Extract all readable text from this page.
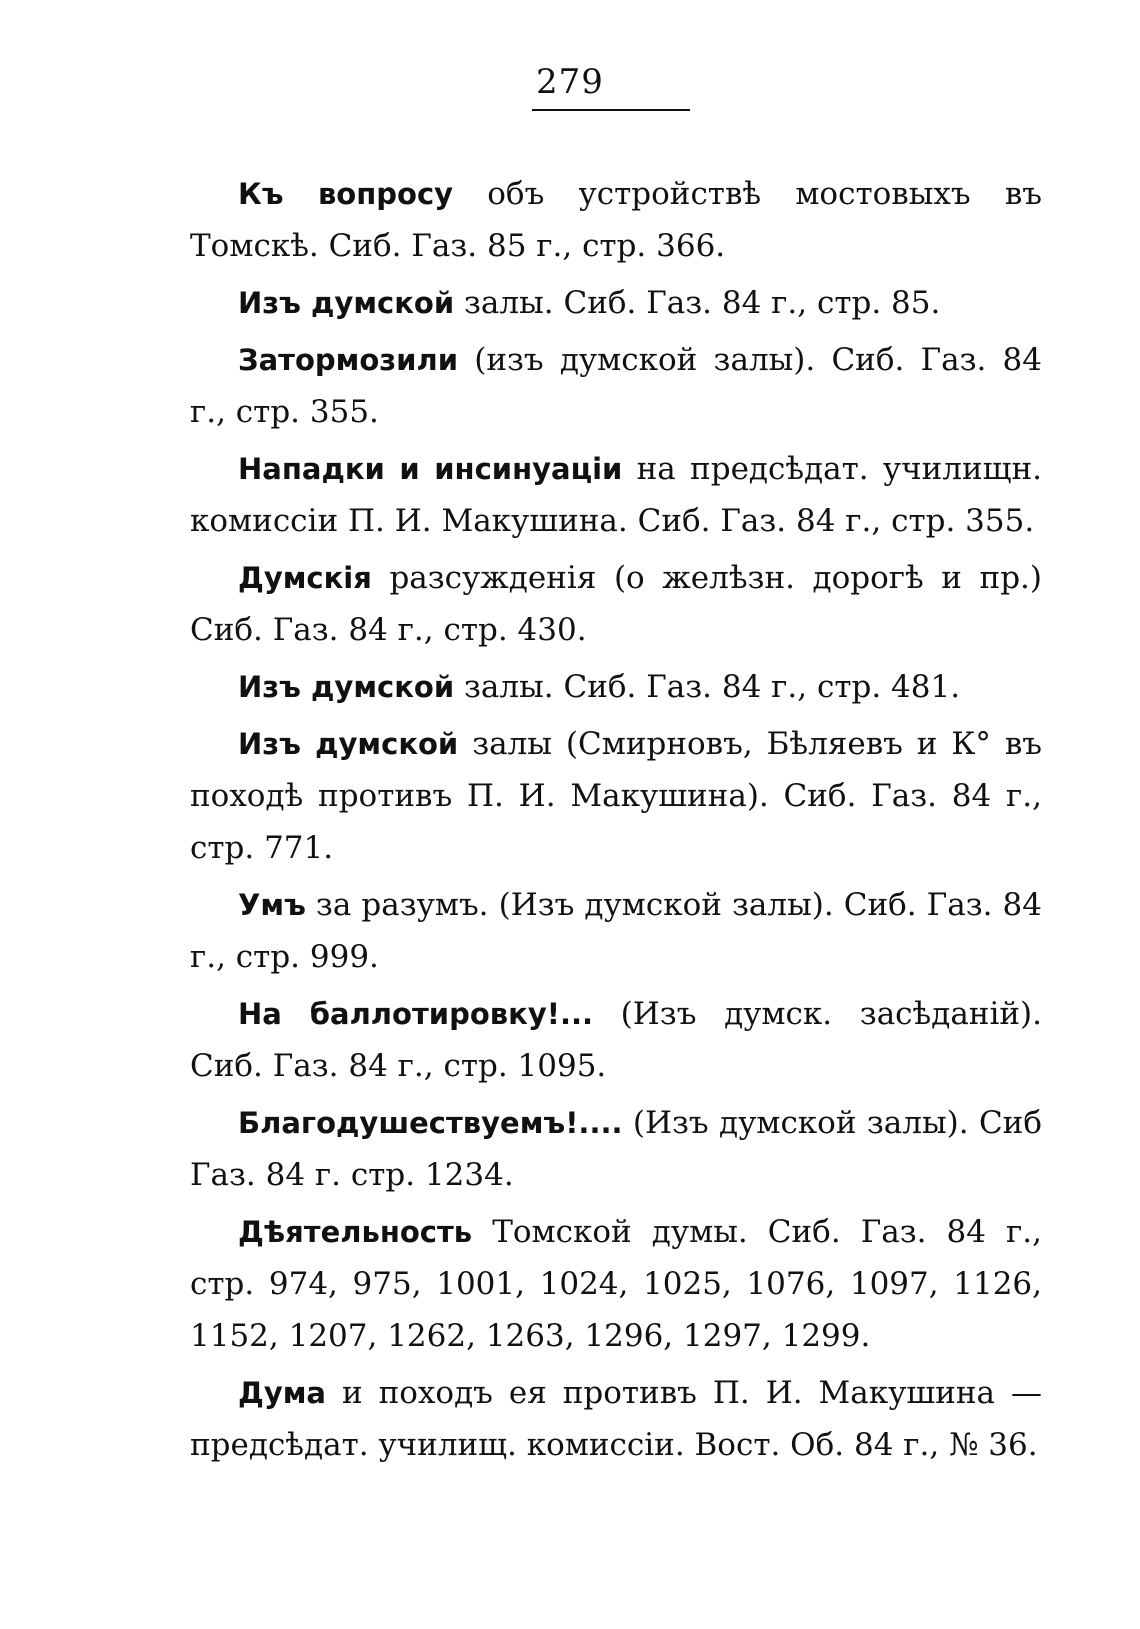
279

Къ вопросу объ устройствѣ мостовыхъ въ Томскѣ. Сиб. Газ. 85 г., стр. 366.

Изъ думской залы. Сиб. Газ. 84 г., стр. 85.

Затормозили (изъ думской залы). Сиб. Газ. 84 г., стр. 355.

Нападки и инсинуаціи на предсѣдат. училищн. комиссіи П. И. Макушина. Сиб. Газ. 84 г., стр. 355.

Думскія разсужденія (о желѣзн. дорогѣ и пр.) Сиб. Газ. 84 г., стр. 430.

Изъ думской залы. Сиб. Газ. 84 г., стр. 481.

Изъ думской залы (Смирновъ, Бѣляевъ и К° въ походѣ противъ П. И. Макушина). Сиб. Газ. 84 г., стр. 771.

Умъ за разумъ. (Изъ думской залы). Сиб. Газ. 84 г., стр. 999.

На баллотировку!... (Изъ думск. засѣданій). Сиб. Газ. 84 г., стр. 1095.

Благодушествуемъ!.... (Изъ думской залы). Сиб Газ. 84 г. стр. 1234.

Дѣятельность Томской думы. Сиб. Газ. 84 г., стр. 974, 975, 1001, 1024, 1025, 1076, 1097, 1126, 1152, 1207, 1262, 1263, 1296, 1297, 1299.

Дума и походъ ея противъ П. И. Макушина —предсѣдат. училищ. комиссіи. Вост. Об. 84 г., № 36.
